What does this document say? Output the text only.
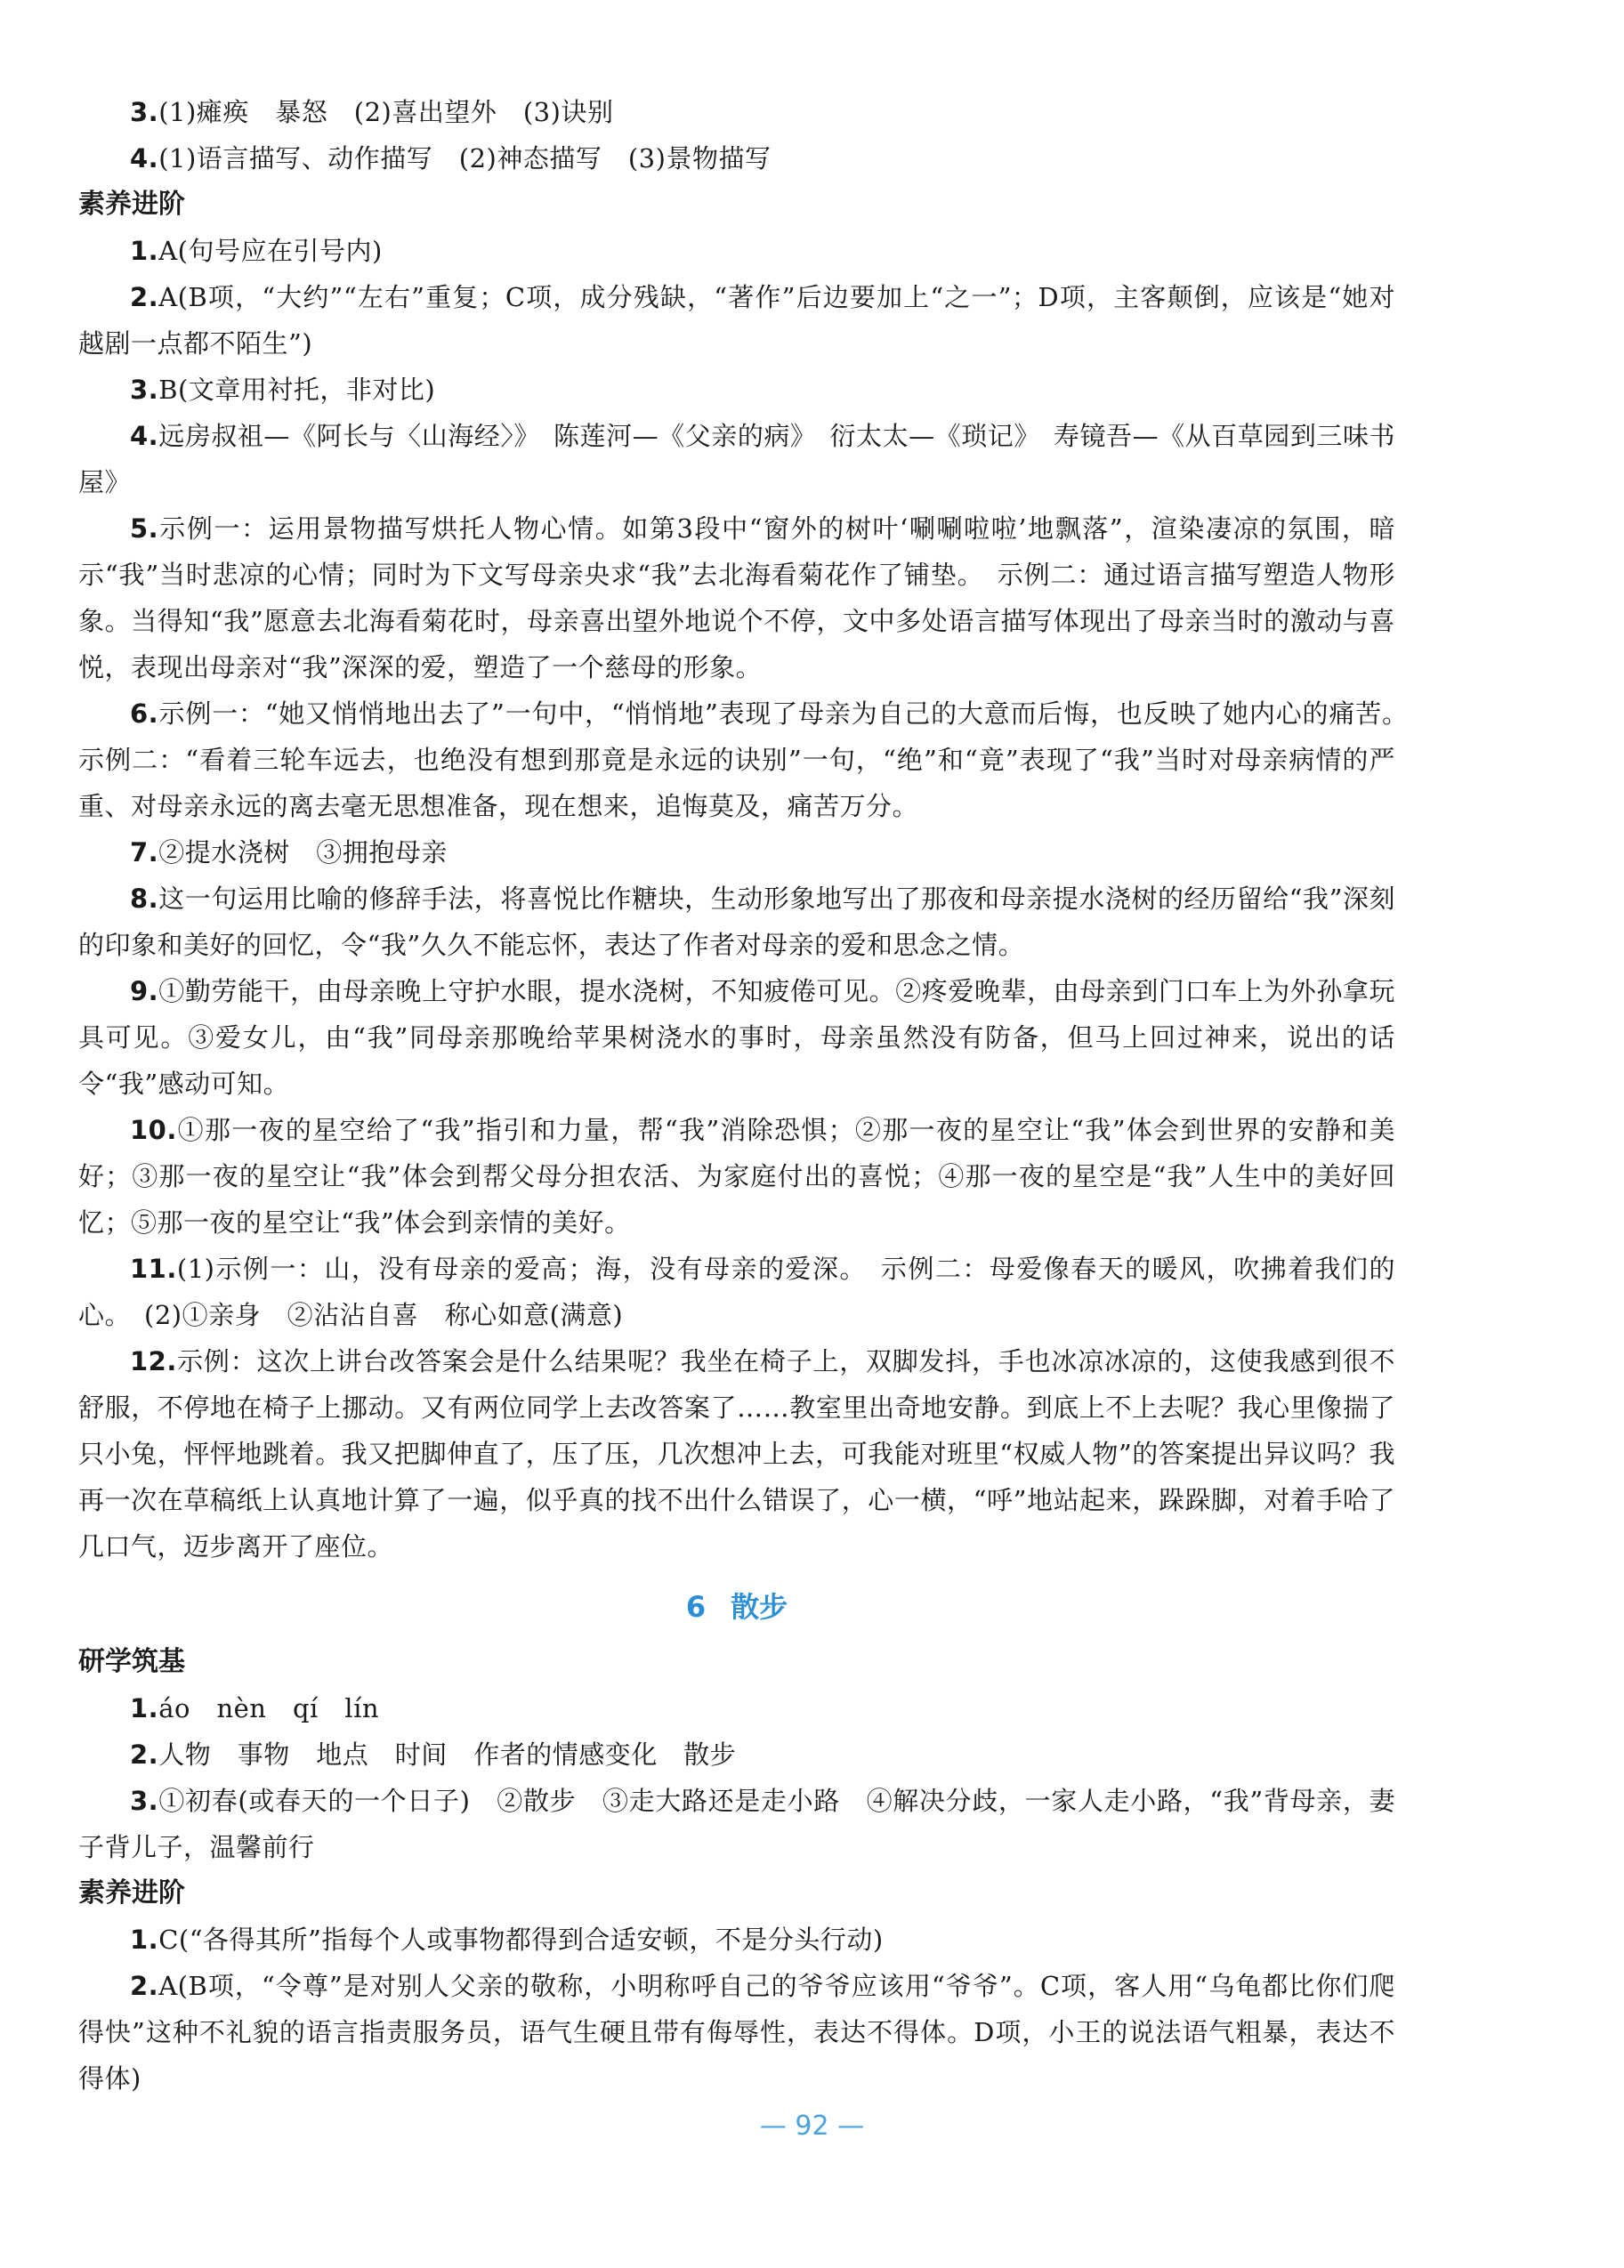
3.(1)瘫痪　暴怒　(2)喜出望外　(3)诀别

4.(1)语言描写、动作描写　(2)神态描写　(3)景物描写

素养进阶

1.A(句号应在引号内)

2.A(B项，“大约”“左右”重复；C项，成分残缺，“著作”后边要加上“之一”；D项，主客颠倒，应该是“她对越剧一点都不陌生”)

3.B(文章用衬托，非对比)

4.远房叔祖—《阿长与〈山海经〉》　陈莲河—《父亲的病》　衍太太—《琐记》　寿镜吾—《从百草园到三味书屋》

5.示例一：运用景物描写烘托人物心情。如第3段中“窗外的树叶‘唰唰啦啦’地飘落”，渲染凄凉的氛围，暗示“我”当时悲凉的心情；同时为下文写母亲央求“我”去北海看菊花作了铺垫。　示例二：通过语言描写塑造人物形象。当得知“我”愿意去北海看菊花时，母亲喜出望外地说个不停，文中多处语言描写体现出了母亲当时的激动与喜悦，表现出母亲对“我”深深的爱，塑造了一个慈母的形象。

6.示例一：“她又悄悄地出去了”一句中，“悄悄地”表现了母亲为自己的大意而后悔，也反映了她内心的痛苦。　示例二：“看着三轮车远去，也绝没有想到那竟是永远的诀别”一句，“绝”和“竟”表现了“我”当时对母亲病情的严重、对母亲永远的离去毫无思想准备，现在想来，追悔莫及，痛苦万分。

7.②提水浇树　③拥抱母亲

8.这一句运用比喻的修辞手法，将喜悦比作糖块，生动形象地写出了那夜和母亲提水浇树的经历留给“我”深刻的印象和美好的回忆，令“我”久久不能忘怀，表达了作者对母亲的爱和思念之情。

9.①勤劳能干，由母亲晚上守护水眼，提水浇树，不知疲倦可见。②疼爱晚辈，由母亲到门口车上为外孙拿玩具可见。③爱女儿，由“我”同母亲那晚给苹果树浇水的事时，母亲虽然没有防备，但马上回过神来，说出的话令“我”感动可知。

10.①那一夜的星空给了“我”指引和力量，帮“我”消除恐惧；②那一夜的星空让“我”体会到世界的安静和美好；③那一夜的星空让“我”体会到帮父母分担农活、为家庭付出的喜悦；④那一夜的星空是“我”人生中的美好回忆；⑤那一夜的星空让“我”体会到亲情的美好。

11.(1)示例一：山，没有母亲的爱高；海，没有母亲的爱深。　示例二：母爱像春天的暖风，吹拂着我们的心。　(2)①亲身　②沾沾自喜　称心如意(满意)

12.示例：这次上讲台改答案会是什么结果呢？我坐在椅子上，双脚发抖，手也冰凉冰凉的，这使我感到很不舒服，不停地在椅子上挪动。又有两位同学上去改答案了……教室里出奇地安静。到底上不上去呢？我心里像揣了只小兔，怦怦地跳着。我又把脚伸直了，压了压，几次想冲上去，可我能对班里“权威人物”的答案提出异议吗？我再一次在草稿纸上认真地计算了一遍，似乎真的找不出什么错误了，心一横，“呼”地站起来，跺跺脚，对着手哈了几口气，迈步离开了座位。

6 散步

研学筑基

1.áo　nèn　qí　lín

2.人物　事物　地点　时间　作者的情感变化　散步

3.①初春(或春天的一个日子)　②散步　③走大路还是走小路　④解决分歧，一家人走小路，“我”背母亲，妻子背儿子，温馨前行

素养进阶

1.C(“各得其所”指每个人或事物都得到合适安顿，不是分头行动)

2.A(B项，“令尊”是对别人父亲的敬称，小明称呼自己的爷爷应该用“爷爷”。C项，客人用“乌龟都比你们爬得快”这种不礼貌的语言指责服务员，语气生硬且带有侮辱性，表达不得体。D项，小王的说法语气粗暴，表达不得体)

— 92 —
